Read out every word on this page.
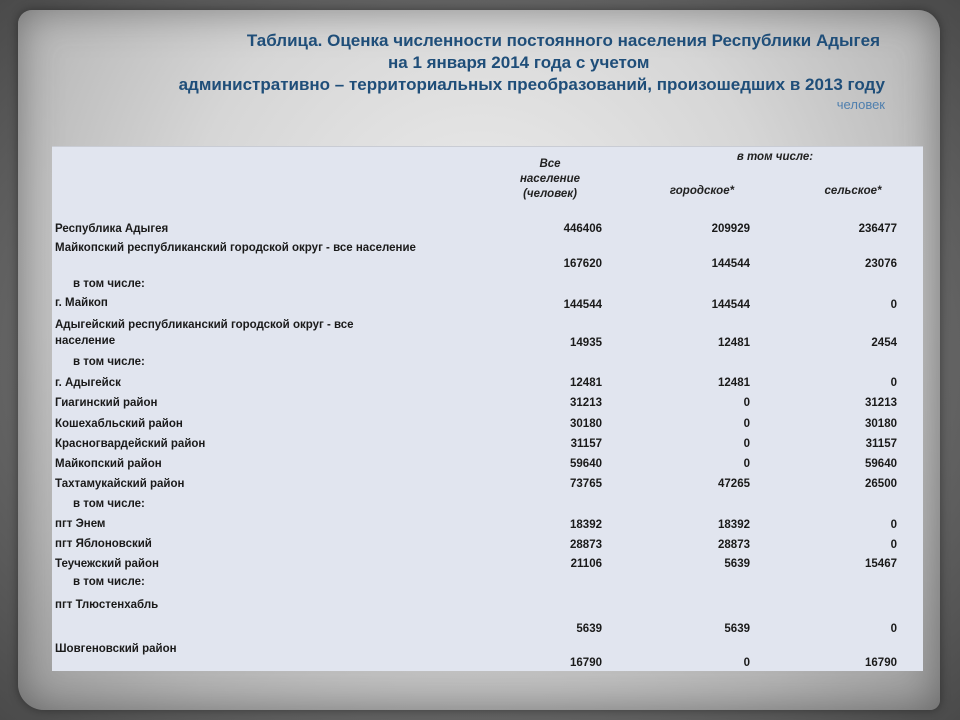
Таблица. Оценка численности постоянного населения Республики Адыгея
на 1 января 2014 года с учетом
административно – территориальных преобразований, произошедших в 2013 году
человек
Все население (человек)
в том числе:
городское*	сельское*
Республика Адыгея	446406	209929	236477
Майкопский республиканский городской округ - все население
167620	144544	23076
в том числе:
г. Майкоп	144544	144544	0
Адыгейский республиканский городской округ - все население	14935	12481	2454
в том числе:
г. Адыгейск	12481	12481	0
Гиагинский район	31213	0	31213
Кошехабльский район	30180	0	30180
Красногвардейский район	31157	0	31157
Майкопский район	59640	0	59640
Тахтамукайский район	73765	47265	26500
в том числе:
пгт Энем	18392	18392	0
пгт Яблоновский	28873	28873	0
Теучежский район	21106	5639	15467
в том числе:
пгт Тлюстенхабль
5639	5639	0
Шовгеновский район
16790	0	16790
